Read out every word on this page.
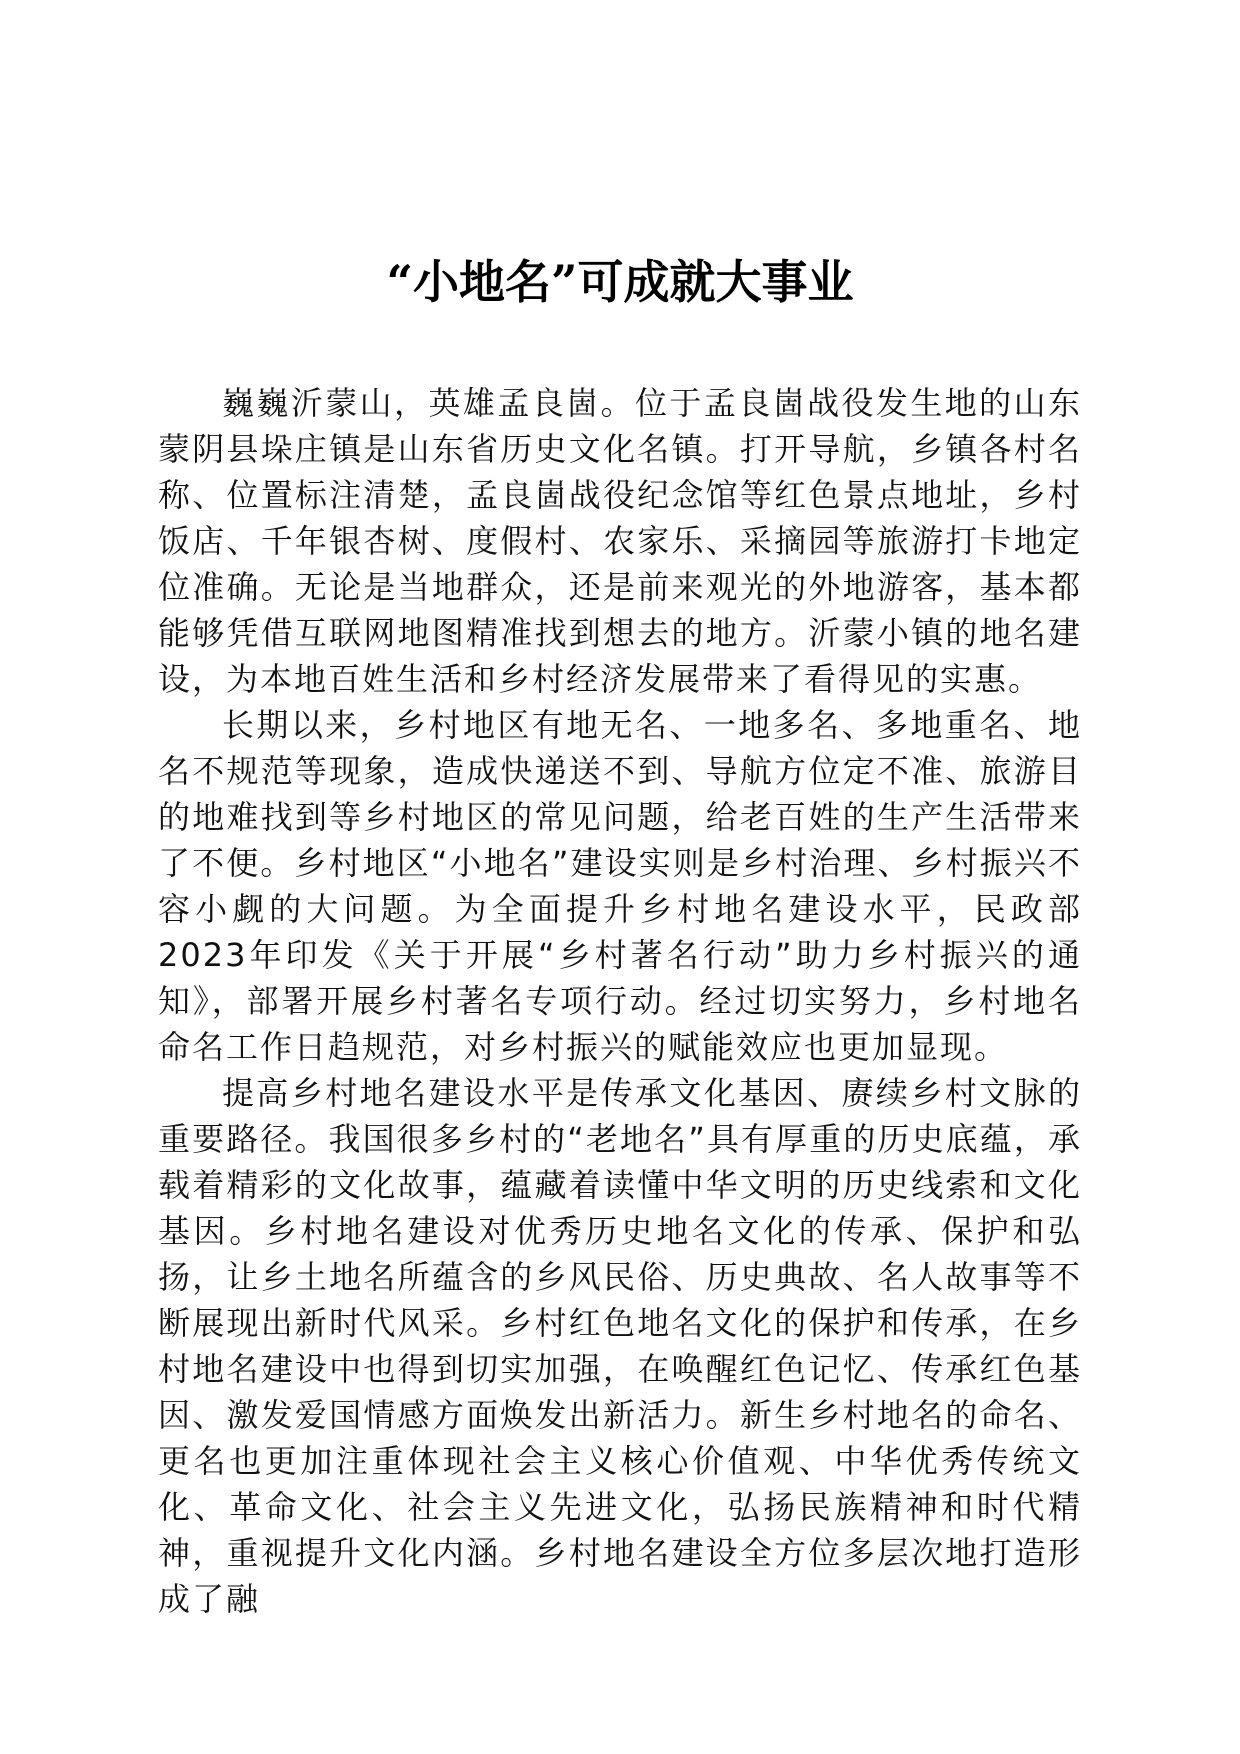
“小地名”可成就大事业

巍巍沂蒙山，英雄孟良崮。位于孟良崮战役发生地的山东蒙阴县垛庄镇是山东省历史文化名镇。打开导航，乡镇各村名称、位置标注清楚，孟良崮战役纪念馆等红色景点地址，乡村饭店、千年银杏树、度假村、农家乐、采摘园等旅游打卡地定位准确。无论是当地群众，还是前来观光的外地游客，基本都能够凭借互联网地图精准找到想去的地方。沂蒙小镇的地名建设，为本地百姓生活和乡村经济发展带来了看得见的实惠。

长期以来，乡村地区有地无名、一地多名、多地重名、地名不规范等现象，造成快递送不到、导航方位定不准、旅游目的地难找到等乡村地区的常见问题，给老百姓的生产生活带来了不便。乡村地区“小地名”建设实则是乡村治理、乡村振兴不容小觑的大问题。为全面提升乡村地名建设水平，民政部2023年印发《关于开展“乡村著名行动”助力乡村振兴的通知》，部署开展乡村著名专项行动。经过切实努力，乡村地名命名工作日趋规范，对乡村振兴的赋能效应也更加显现。

提高乡村地名建设水平是传承文化基因、赓续乡村文脉的重要路径。我国很多乡村的“老地名”具有厚重的历史底蕴，承载着精彩的文化故事，蕴藏着读懂中华文明的历史线索和文化基因。乡村地名建设对优秀历史地名文化的传承、保护和弘扬，让乡土地名所蕴含的乡风民俗、历史典故、名人故事等不断展现出新时代风采。乡村红色地名文化的保护和传承，在乡村地名建设中也得到切实加强，在唤醒红色记忆、传承红色基因、激发爱国情感方面焕发出新活力。新生乡村地名的命名、更名也更加注重体现社会主义核心价值观、中华优秀传统文化、革命文化、社会主义先进文化，弘扬民族精神和时代精神，重视提升文化内涵。乡村地名建设全方位多层次地打造形成了融
